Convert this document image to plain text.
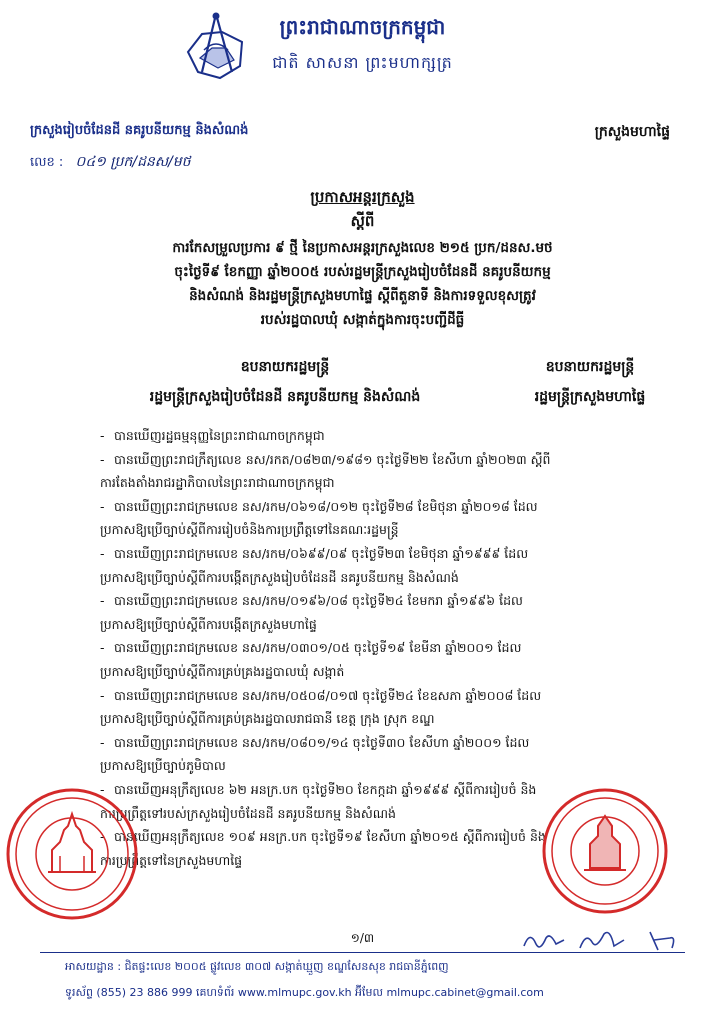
ព្រះរាជាណាចក្រកម្ពុជា
ជាតិ សាសនា ព្រះមហាក្សត្រ
ក្រសួងរៀបចំដែនដី នគរូបនីយកម្ម និងសំណង់	ក្រសួងមហាផ្ទៃ
លេខ : ០៤១ ប្រក/ដនស/មថ
ប្រកាសអន្តរក្រសួង
ស្តីពី
ការកែសម្រួលប្រការ ៩ ថ្មី នៃប្រកាសអន្តរក្រសួងលេខ ២១៥ ប្រក/ដនស.មថ
ចុះថ្ងៃទី៩ ខែកញ្ញា ឆ្នាំ២០០៥ របស់រដ្ឋមន្ត្រីក្រសួងរៀបចំដែនដី នគរូបនីយកម្ម
និងសំណង់ និងរដ្ឋមន្ត្រីក្រសួងមហាផ្ទៃ ស្តីពីតួនាទី និងការទទួលខុសត្រូវ
របស់រដ្ឋបាលឃុំ សង្កាត់ក្នុងការចុះបញ្ជីដីធ្លី
ឧបនាយករដ្ឋមន្ត្រី
រដ្ឋមន្ត្រីក្រសួងរៀបចំដែនដី នគរូបនីយកម្ម និងសំណង់
ឧបនាយករដ្ឋមន្ត្រី
រដ្ឋមន្ត្រីក្រសួងមហាផ្ទៃ
- បានឃើញរដ្ឋធម្មនុញ្ញនៃព្រះរាជាណាចក្រកម្ពុជា
- បានឃើញព្រះរាជក្រឹត្យលេខ នស/រកត/០៨២៣/១៩៨១ ចុះថ្ងៃទី២២ ខែសីហា ឆ្នាំ២០២៣ ស្តីពី
ការតែងតាំងរាជរដ្ឋាភិបាលនៃព្រះរាជាណាចក្រកម្ពុជា
- បានឃើញព្រះរាជក្រមលេខ នស/រកម/០៦១៨/០១២ ចុះថ្ងៃទី២៨ ខែមិថុនា ឆ្នាំ២០១៨ ដែល
ប្រកាសឱ្យប្រើច្បាប់ស្តីពីការរៀបចំនិងការប្រព្រឹត្តទៅនៃគណៈរដ្ឋមន្ត្រី
- បានឃើញព្រះរាជក្រមលេខ នស/រកម/០៦៩៩/០៩ ចុះថ្ងៃទី២៣ ខែមិថុនា ឆ្នាំ១៩៩៩ ដែល
ប្រកាសឱ្យប្រើច្បាប់ស្តីពីការបង្កើតក្រសួងរៀបចំដែនដី នគរូបនីយកម្ម និងសំណង់
- បានឃើញព្រះរាជក្រមលេខ នស/រកម/០១៩៦/០៨ ចុះថ្ងៃទី២៤ ខែមករា ឆ្នាំ១៩៩៦ ដែល
ប្រកាសឱ្យប្រើច្បាប់ស្តីពីការបង្កើតក្រសួងមហាផ្ទៃ
- បានឃើញព្រះរាជក្រមលេខ នស/រកម/០៣០១/០៥ ចុះថ្ងៃទី១៩ ខែមីនា ឆ្នាំ២០០១ ដែល
ប្រកាសឱ្យប្រើច្បាប់ស្តីពីការគ្រប់គ្រងរដ្ឋបាលឃុំ សង្កាត់
- បានឃើញព្រះរាជក្រមលេខ នស/រកម/០៥០៨/០១៧ ចុះថ្ងៃទី២៤ ខែឧសភា ឆ្នាំ២០០៨ ដែល
ប្រកាសឱ្យប្រើច្បាប់ស្តីពីការគ្រប់គ្រងរដ្ឋបាលរាជធានី ខេត្ត ក្រុង ស្រុក ខណ្ឌ
- បានឃើញព្រះរាជក្រមលេខ នស/រកម/០៨០១/១៤ ចុះថ្ងៃទី៣០ ខែសីហា ឆ្នាំ២០០១ ដែល
ប្រកាសឱ្យប្រើច្បាប់ភូមិបាល
- បានឃើញអនុក្រឹត្យលេខ ៦២ អនក្រ.បក ចុះថ្ងៃទី២០ ខែកក្កដា ឆ្នាំ១៩៩៩ ស្តីពីការរៀបចំ និង
ការប្រព្រឹត្តទៅរបស់ក្រសួងរៀបចំដែនដី នគរូបនីយកម្ម និងសំណង់
- បានឃើញអនុក្រឹត្យលេខ ១០៩ អនក្រ.បក ចុះថ្ងៃទី១៩ ខែសីហា ឆ្នាំ២០១៥ ស្តីពីការរៀបចំ និង
ការប្រព្រឹត្តទៅនៃក្រសួងមហាផ្ទៃ
១/៣
អាសយដ្ឋាន : ជិតផ្ទះលេខ ២០០៥ ផ្លូវលេខ ៣០៧ សង្កាត់ឃ្មួញ ខណ្ឌសែនសុខ រាជធានីភ្នំពេញ
ទូរស័ព្ទ (855) 23 886 999 គេហទំព័រ www.mlmupc.gov.kh អ៊ីមែល mlmupc.cabinet@gmail.com
